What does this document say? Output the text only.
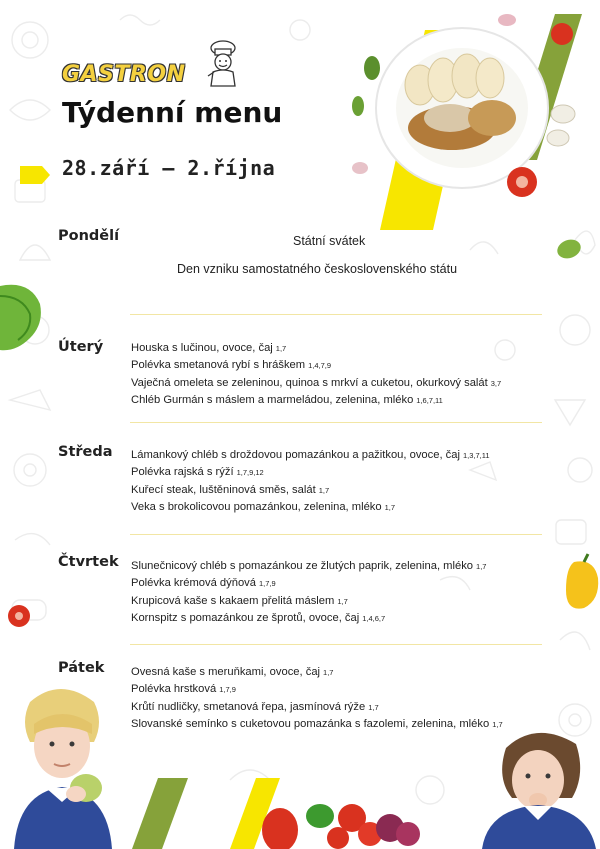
GASTRON
Týdenní menu
28.září – 2.října
Pondělí	Státní svátek
Den vzniku samostatného československého státu
Úterý Houska s lučinou, ovoce, čaj 1,7
Polévka smetanová rybí s hráškem 1,4,7,9
Vaječná omeleta se zeleninou, quinoa s mrkví a cuketou, okurkový salát 3,7
Chléb Gurmán s máslem a marmeládou, zelenina, mléko 1,6,7,11
Středa Lámankový chléb s droždovou pomazánkou a pažitkou, ovoce, čaj 1,3,7,11
Polévka rajská s rýží 1,7,9,12
Kuřecí steak, luštěninová směs, salát 1,7
Veka s brokolicovou pomazánkou, zelenina, mléko 1,7
Čtvrtek Slunečnicový chléb s pomazánkou ze žlutých paprik, zelenina, mléko 1,7
Polévka krémová dýňová 1,7,9
Krupicová kaše s kakaem přelitá máslem 1,7
Kornspitz s pomazánkou ze šprotů, ovoce, čaj 1,4,6,7
Pátek Ovesná kaše s meruňkami, ovoce, čaj 1,7
Polévka hrstková 1,7,9
Krůtí nudličky, smetanová řepa, jasmínová rýže 1,7
Slovanské semínko s cuketovou pomazánka s fazolemi, zelenina, mléko 1,7
